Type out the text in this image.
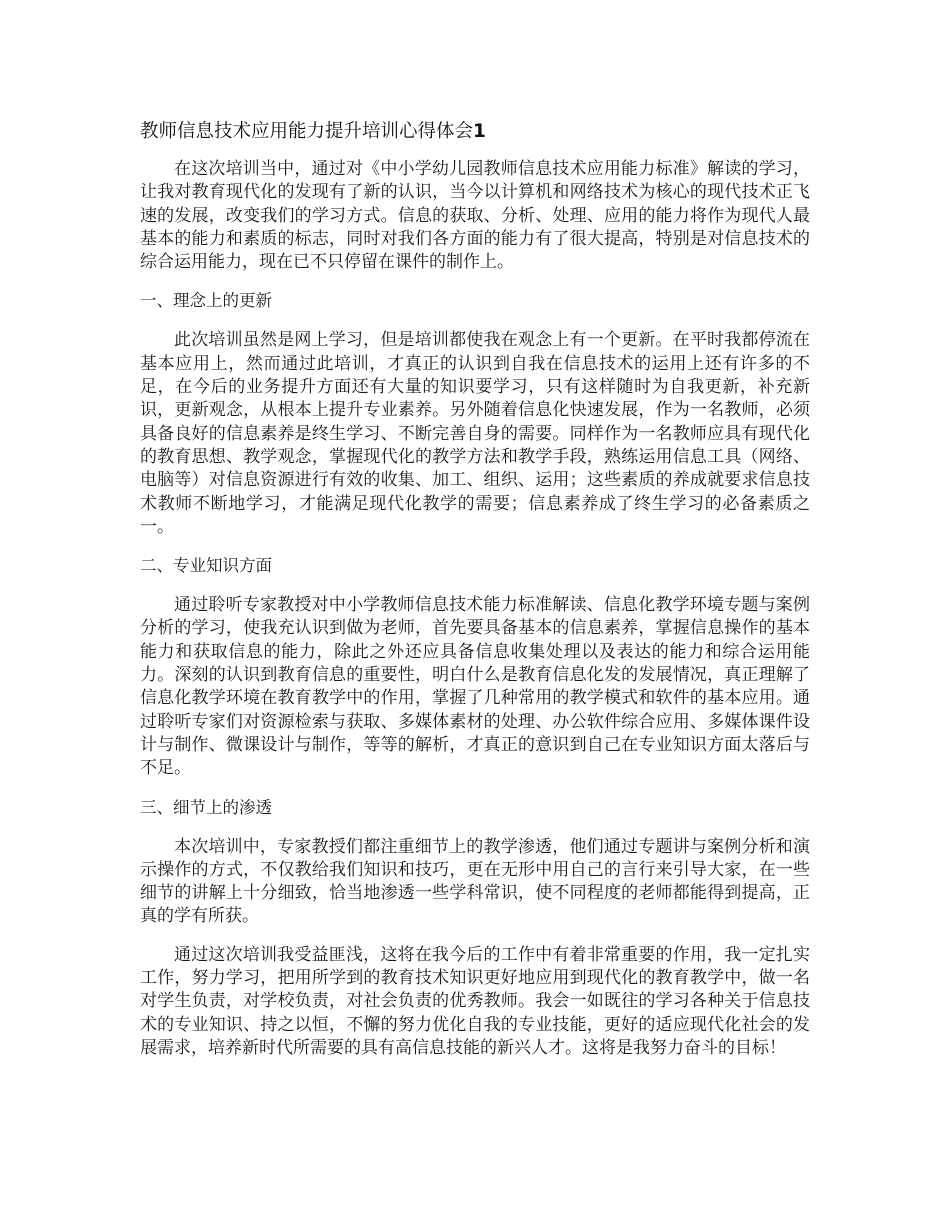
教师信息技术应用能力提升培训心得体会1

在这次培训当中，通过对《中小学幼儿园教师信息技术应用能力标准》解读的学习，让我对教育现代化的发现有了新的认识，当今以计算机和网络技术为核心的现代技术正飞速的发展，改变我们的学习方式。信息的获取、分析、处理、应用的能力将作为现代人最基本的能力和素质的标志，同时对我们各方面的能力有了很大提高，特别是对信息技术的综合运用能力，现在已不只停留在课件的制作上。

一、理念上的更新

此次培训虽然是网上学习，但是培训都使我在观念上有一个更新。在平时我都停流在基本应用上，然而通过此培训，才真正的认识到自我在信息技术的运用上还有许多的不足，在今后的业务提升方面还有大量的知识要学习，只有这样随时为自我更新，补充新识，更新观念，从根本上提升专业素养。另外随着信息化快速发展，作为一名教师，必须具备良好的信息素养是终生学习、不断完善自身的需要。同样作为一名教师应具有现代化的教育思想、教学观念，掌握现代化的教学方法和教学手段，熟练运用信息工具（网络、电脑等）对信息资源进行有效的收集、加工、组织、运用；这些素质的养成就要求信息技术教师不断地学习，才能满足现代化教学的需要；信息素养成了终生学习的必备素质之一。

二、专业知识方面

通过聆听专家教授对中小学教师信息技术能力标准解读、信息化教学环境专题与案例分析的学习，使我充认识到做为老师，首先要具备基本的信息素养，掌握信息操作的基本能力和获取信息的能力，除此之外还应具备信息收集处理以及表达的能力和综合运用能力。深刻的认识到教育信息的重要性，明白什么是教育信息化发的发展情况，真正理解了信息化教学环境在教育教学中的作用，掌握了几种常用的教学模式和软件的基本应用。通过聆听专家们对资源检索与获取、多媒体素材的处理、办公软件综合应用、多媒体课件设计与制作、微课设计与制作，等等的解析，才真正的意识到自己在专业知识方面太落后与不足。

三、细节上的渗透

本次培训中，专家教授们都注重细节上的教学渗透，他们通过专题讲与案例分析和演示操作的方式，不仅教给我们知识和技巧，更在无形中用自己的言行来引导大家，在一些细节的讲解上十分细致，恰当地渗透一些学科常识，使不同程度的老师都能得到提高，正真的学有所获。

通过这次培训我受益匪浅，这将在我今后的工作中有着非常重要的作用，我一定扎实工作，努力学习，把用所学到的教育技术知识更好地应用到现代化的教育教学中，做一名对学生负责，对学校负责，对社会负责的优秀教师。我会一如既往的学习各种关于信息技术的专业知识、持之以恒，不懈的努力优化自我的专业技能，更好的适应现代化社会的发展需求，培养新时代所需要的具有高信息技能的新兴人才。这将是我努力奋斗的目标！
